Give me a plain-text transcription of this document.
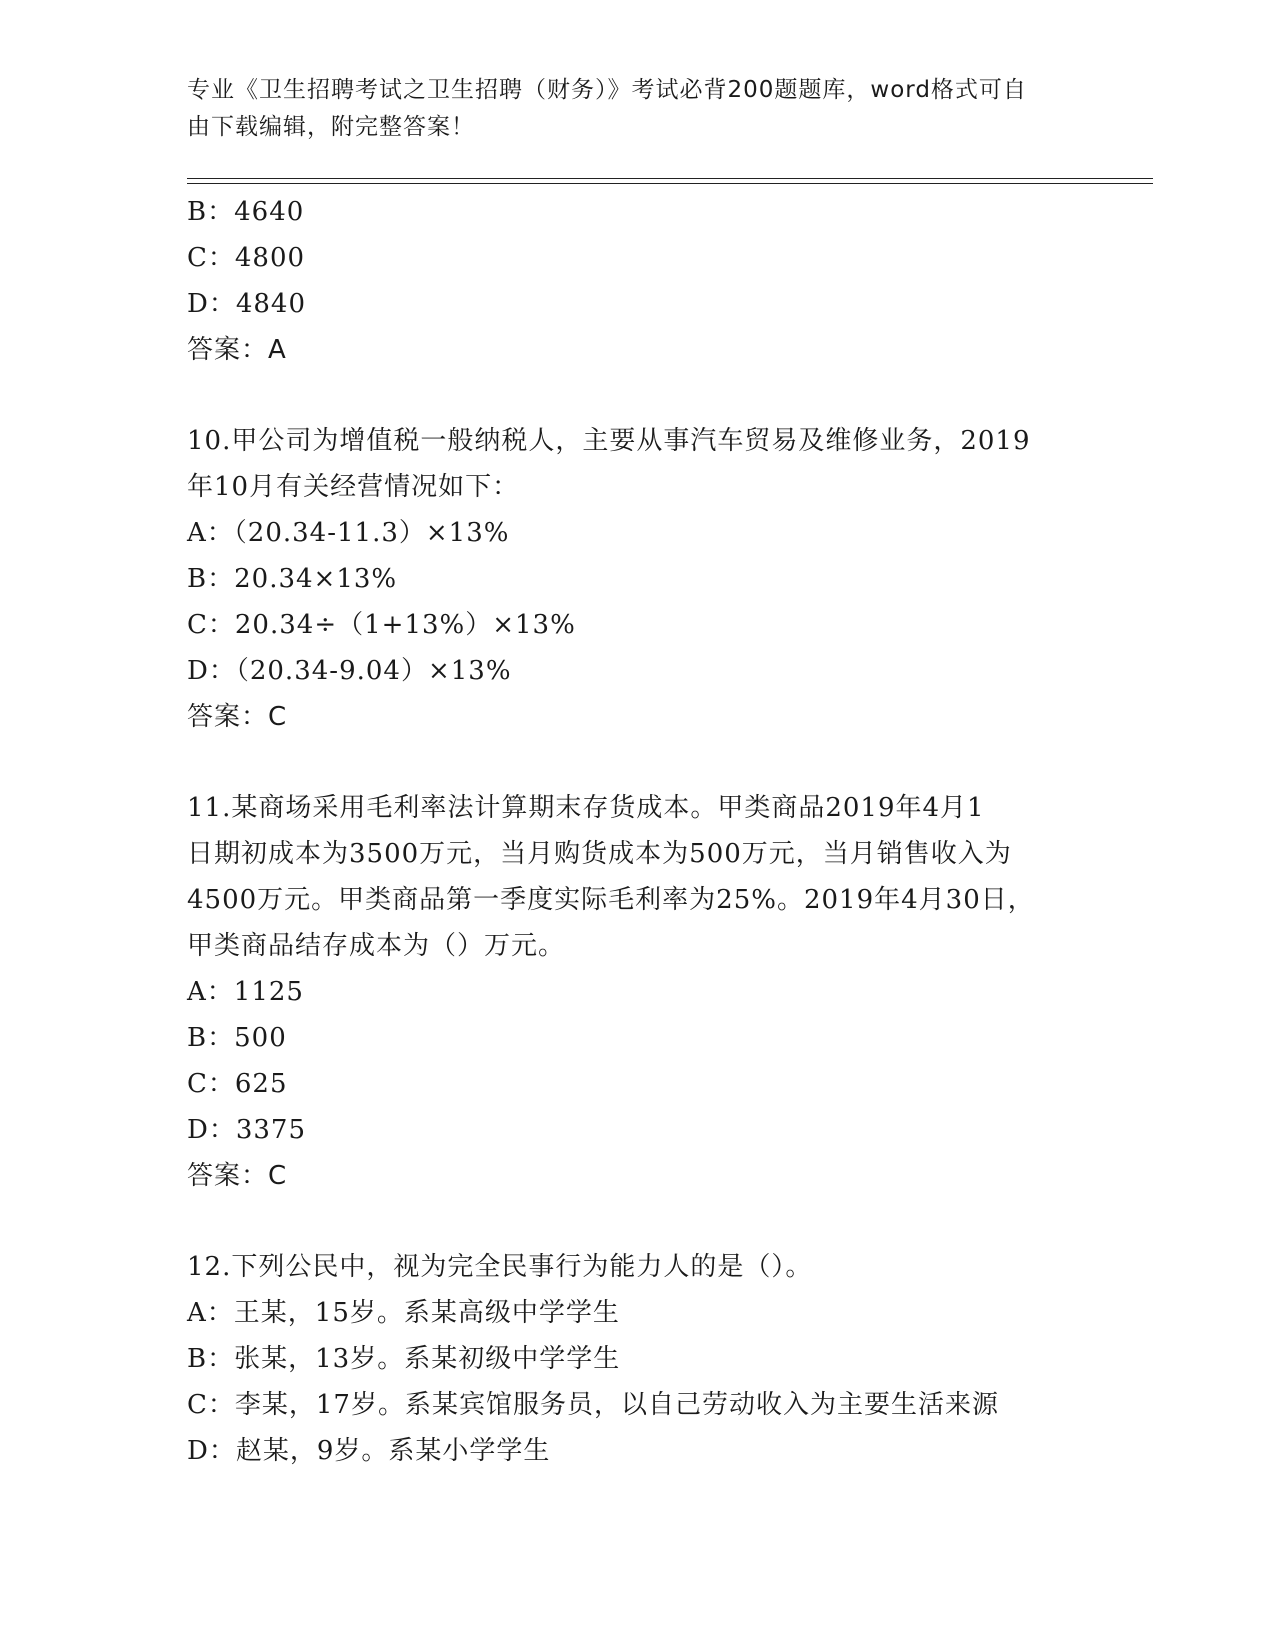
专业《卫生招聘考试之卫生招聘（财务）》考试必背200题题库，word格式可自
由下载编辑，附完整答案！
B：4640
C：4800
D：4840
答案：A
10.甲公司为增值税一般纳税人，主要从事汽车贸易及维修业务，2019
年10月有关经营情况如下：
A：（20.34-11.3）×13%
B：20.34×13%
C：20.34÷（1+13%）×13%
D：（20.34-9.04）×13%
答案：C
11.某商场采用毛利率法计算期末存货成本。甲类商品2019年4月1
日期初成本为3500万元，当月购货成本为500万元，当月销售收入为
4500万元。甲类商品第一季度实际毛利率为25%。2019年4月30日，
甲类商品结存成本为（）万元。
A：1125
B：500
C：625
D：3375
答案：C
12.下列公民中，视为完全民事行为能力人的是（）。
A：王某，15岁。系某高级中学学生
B：张某，13岁。系某初级中学学生
C：李某，17岁。系某宾馆服务员，以自己劳动收入为主要生活来源
D：赵某，9岁。系某小学学生
